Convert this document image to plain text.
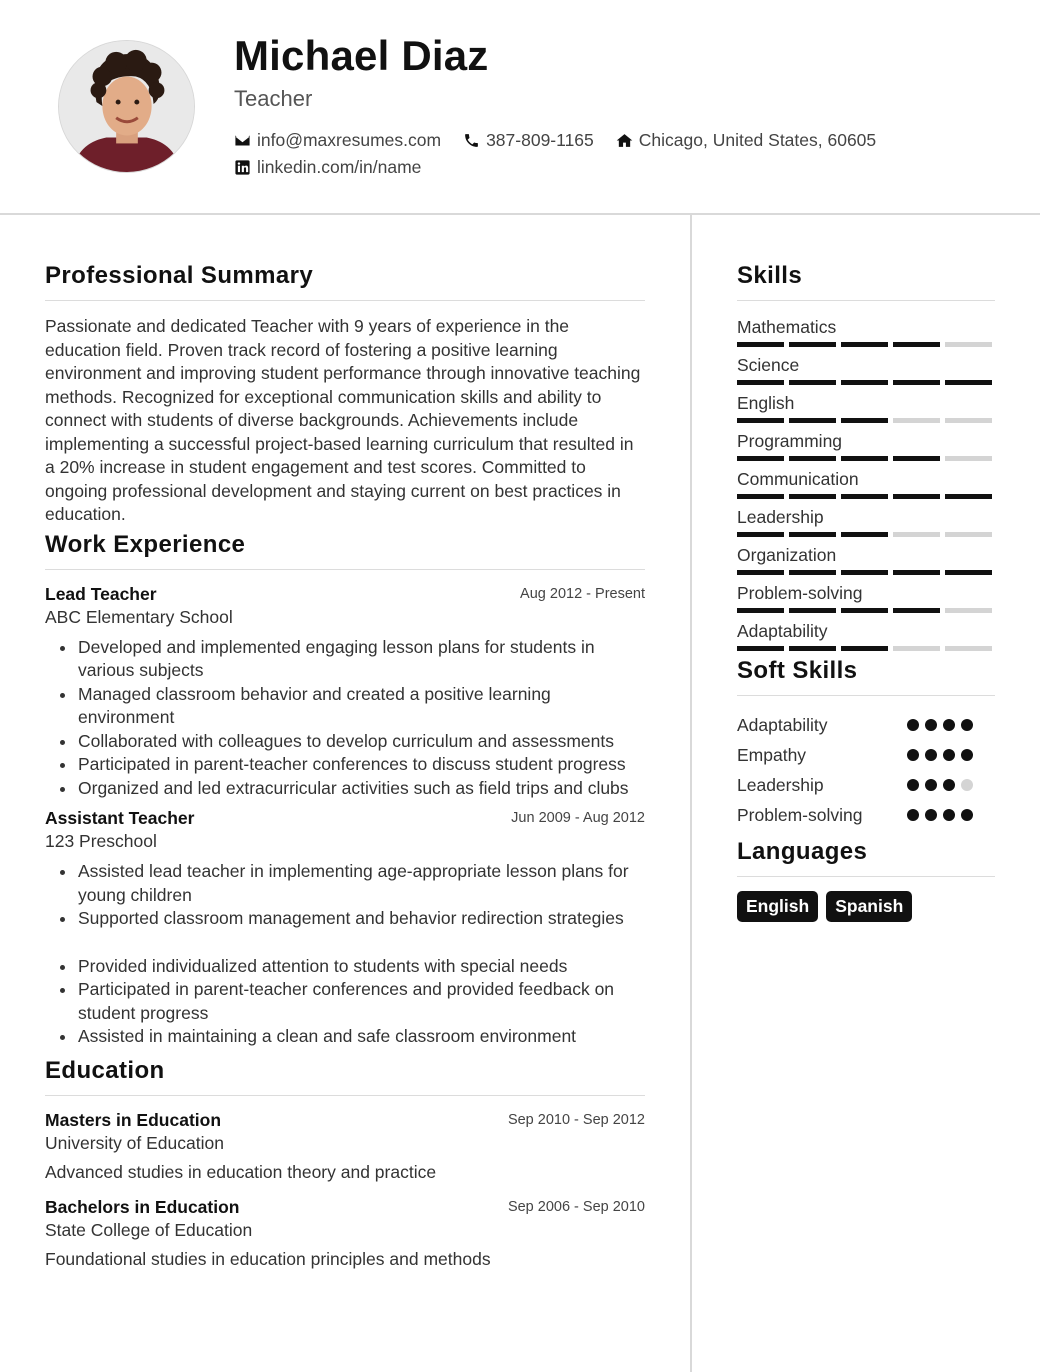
Michael Diaz
Teacher
info@maxresumes.com	387-809-1165	Chicago, United States, 60605
linkedin.com/in/name
Professional Summary
Passionate and dedicated Teacher with 9 years of experience in the education field. Proven track record of fostering a positive learning environment and improving student performance through innovative teaching methods. Recognized for exceptional communication skills and ability to connect with students of diverse backgrounds. Achievements include implementing a successful project-based learning curriculum that resulted in a 20% increase in student engagement and test scores. Committed to ongoing professional development and staying current on best practices in education.
Work Experience
Lead Teacher	Aug 2012 - Present
ABC Elementary School
Developed and implemented engaging lesson plans for students in various subjects
Managed classroom behavior and created a positive learning environment
Collaborated with colleagues to develop curriculum and assessments
Participated in parent-teacher conferences to discuss student progress
Organized and led extracurricular activities such as field trips and clubs
Assistant Teacher	Jun 2009 - Aug 2012
123 Preschool
Assisted lead teacher in implementing age-appropriate lesson plans for young children
Supported classroom management and behavior redirection strategies
Provided individualized attention to students with special needs
Participated in parent-teacher conferences and provided feedback on student progress
Assisted in maintaining a clean and safe classroom environment
Education
Masters in Education	Sep 2010 - Sep 2012
University of Education
Advanced studies in education theory and practice
Bachelors in Education	Sep 2006 - Sep 2010
State College of Education
Foundational studies in education principles and methods
Skills
Mathematics
Science
English
Programming
Communication
Leadership
Organization
Problem-solving
Adaptability
Soft Skills
Adaptability
Empathy
Leadership
Problem-solving
Languages
English	Spanish
